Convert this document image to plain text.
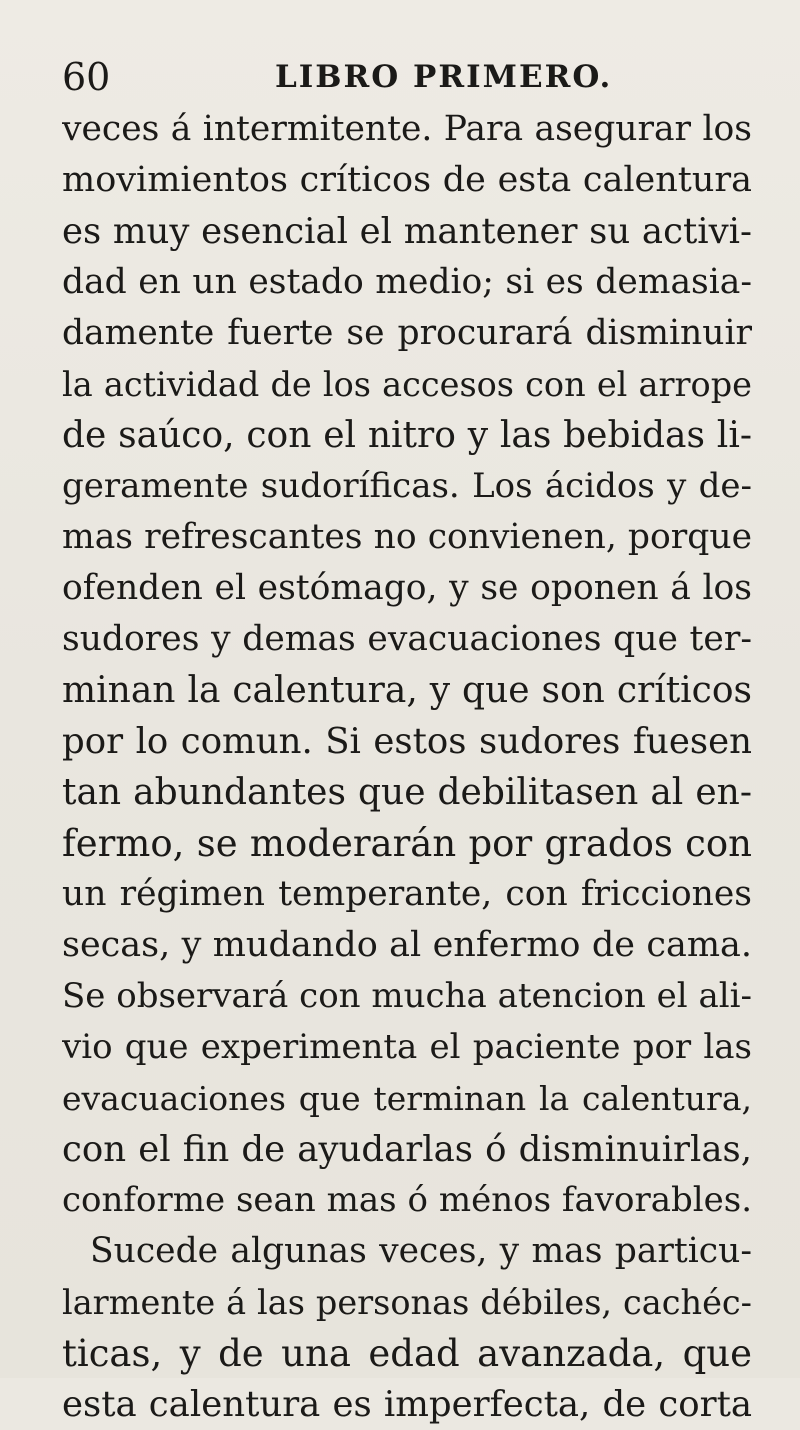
60	LIBRO PRIMERO.
veces á intermitente. Para asegurar los
movimientos críticos de esta calentura
es muy esencial el mantener su activi-
dad en un estado medio; si es demasia-
damente fuerte se procurará disminuir
la actividad de los accesos con el arrope
de saúco, con el nitro y las bebidas li-
geramente sudoríficas. Los ácidos y de-
mas refrescantes no convienen, porque
ofenden el estómago, y se oponen á los
sudores y demas evacuaciones que ter-
minan la calentura, y que son críticos
por lo comun. Si estos sudores fuesen
tan abundantes que debilitasen al en-
fermo, se moderarán por grados con
un régimen temperante, con fricciones
secas, y mudando al enfermo de cama.
Se observará con mucha atencion el ali-
vio que experimenta el paciente por las
evacuaciones que terminan la calentura,
con el fin de ayudarlas ó disminuirlas,
conforme sean mas ó ménos favorables.
Sucede algunas veces, y mas particu-
larmente á las personas débiles, cachéc-
ticas, y de una edad avanzada, que
esta calentura es imperfecta, de corta
